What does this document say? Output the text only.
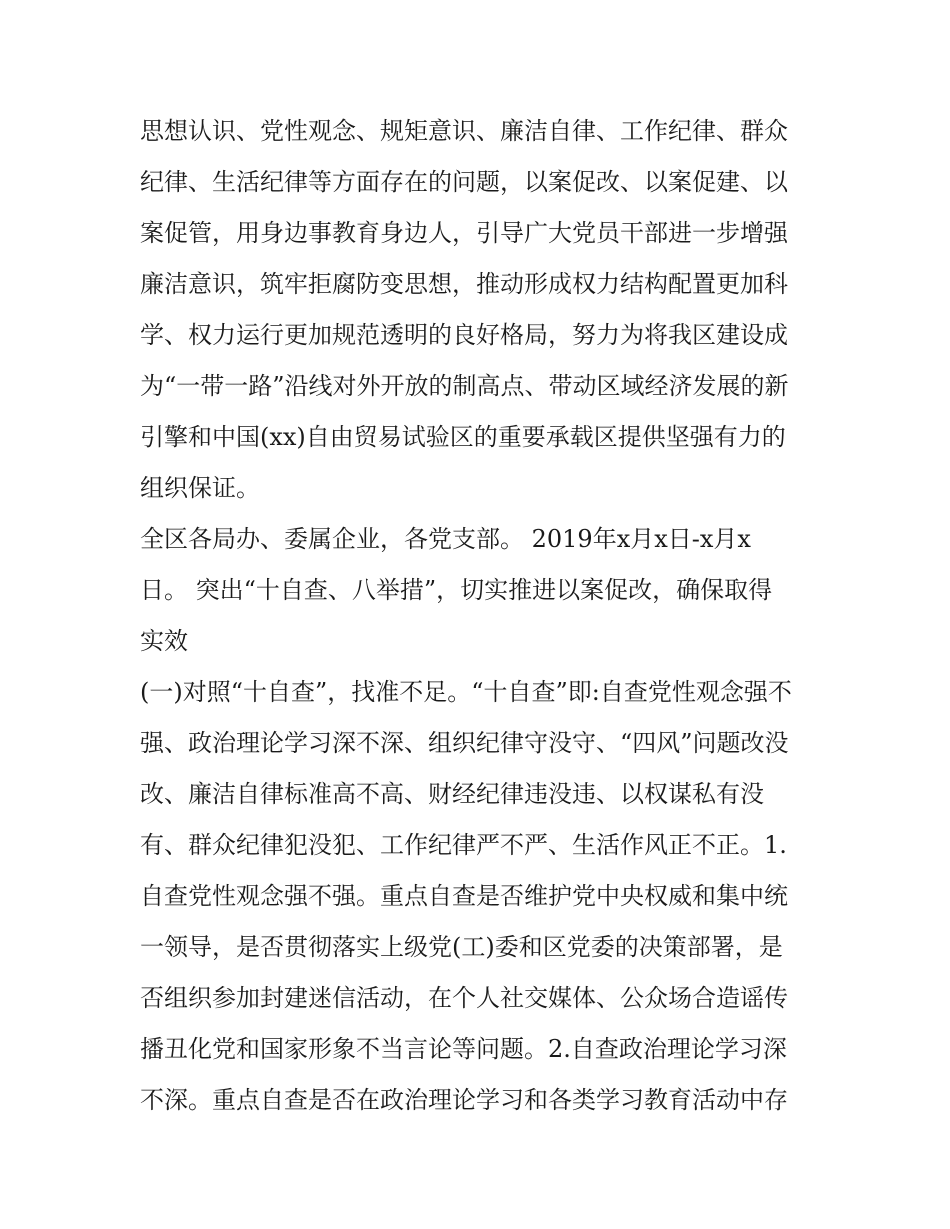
思想认识、党性观念、规矩意识、廉洁自律、工作纪律、群众
纪律、生活纪律等方面存在的问题，以案促改、以案促建、以
案促管，用身边事教育身边人，引导广大党员干部进一步增强
廉洁意识，筑牢拒腐防变思想，推动形成权力结构配置更加科
学、权力运行更加规范透明的良好格局，努力为将我区建设成
为“一带一路”沿线对外开放的制高点、带动区域经济发展的新
引擎和中国(xx)自由贸易试验区的重要承载区提供坚强有力的
组织保证。
全区各局办、委属企业，各党支部。 2019年x月x日-x月x
日。 突出“十自查、八举措”，切实推进以案促改，确保取得
实效
(一)对照“十自查”，找准不足。“十自查”即:自查党性观念强不
强、政治理论学习深不深、组织纪律守没守、“四风”问题改没
改、廉洁自律标准高不高、财经纪律违没违、以权谋私有没
有、群众纪律犯没犯、工作纪律严不严、生活作风正不正。1.
自查党性观念强不强。重点自查是否维护党中央权威和集中统
一领导，是否贯彻落实上级党(工)委和区党委的决策部署，是
否组织参加封建迷信活动，在个人社交媒体、公众场合造谣传
播丑化党和国家形象不当言论等问题。2.自查政治理论学习深
不深。重点自查是否在政治理论学习和各类学习教育活动中存
